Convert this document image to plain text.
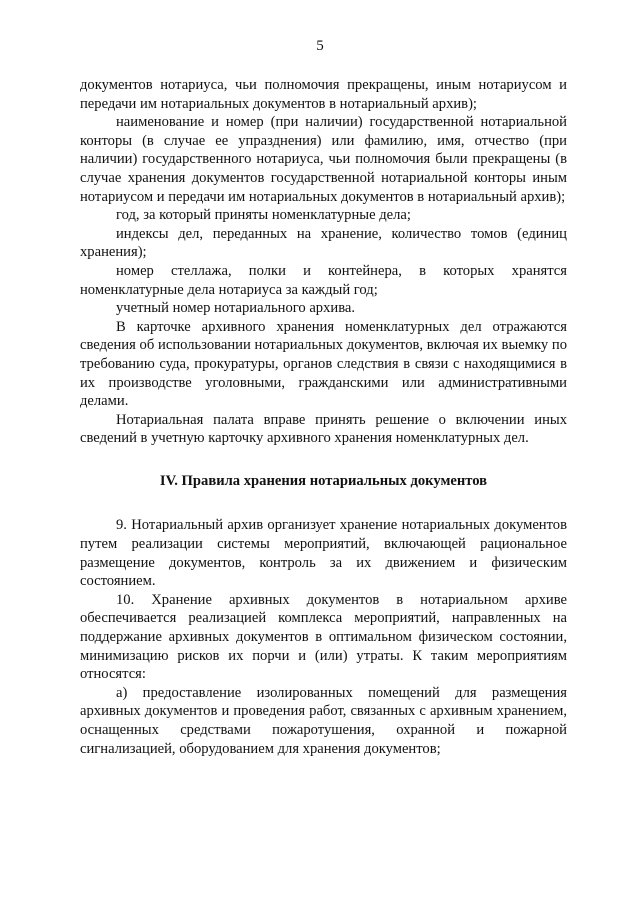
5

документов нотариуса, чьи полномочия прекращены, иным нотариусом и передачи им нотариальных документов в нотариальный архив);

наименование и номер (при наличии) государственной нотариальной конторы (в случае ее упразднения) или фамилию, имя, отчество (при наличии) государственного нотариуса, чьи полномочия были прекращены (в случае хранения документов государственной нотариальной конторы иным нотариусом и передачи им нотариальных документов в нотариальный архив);

год, за который приняты номенклатурные дела;

индексы дел, переданных на хранение, количество томов (единиц хранения);

номер стеллажа, полки и контейнера, в которых хранятся номенклатурные дела нотариуса за каждый год;

учетный номер нотариального архива.

В карточке архивного хранения номенклатурных дел отражаются сведения об использовании нотариальных документов, включая их выемку по требованию суда, прокуратуры, органов следствия в связи с находящимися в их производстве уголовными, гражданскими или административными делами.

Нотариальная палата вправе принять решение о включении иных сведений в учетную карточку архивного хранения номенклатурных дел.

IV. Правила хранения нотариальных документов

9. Нотариальный архив организует хранение нотариальных документов путем реализации системы мероприятий, включающей рациональное размещение документов, контроль за их движением и физическим состоянием.

10. Хранение архивных документов в нотариальном архиве обеспечивается реализацией комплекса мероприятий, направленных на поддержание архивных документов в оптимальном физическом состоянии, минимизацию рисков их порчи и (или) утраты. К таким мероприятиям относятся:

а) предоставление изолированных помещений для размещения архивных документов и проведения работ, связанных с архивным хранением, оснащенных средствами пожаротушения, охранной и пожарной сигнализацией, оборудованием для хранения документов;
